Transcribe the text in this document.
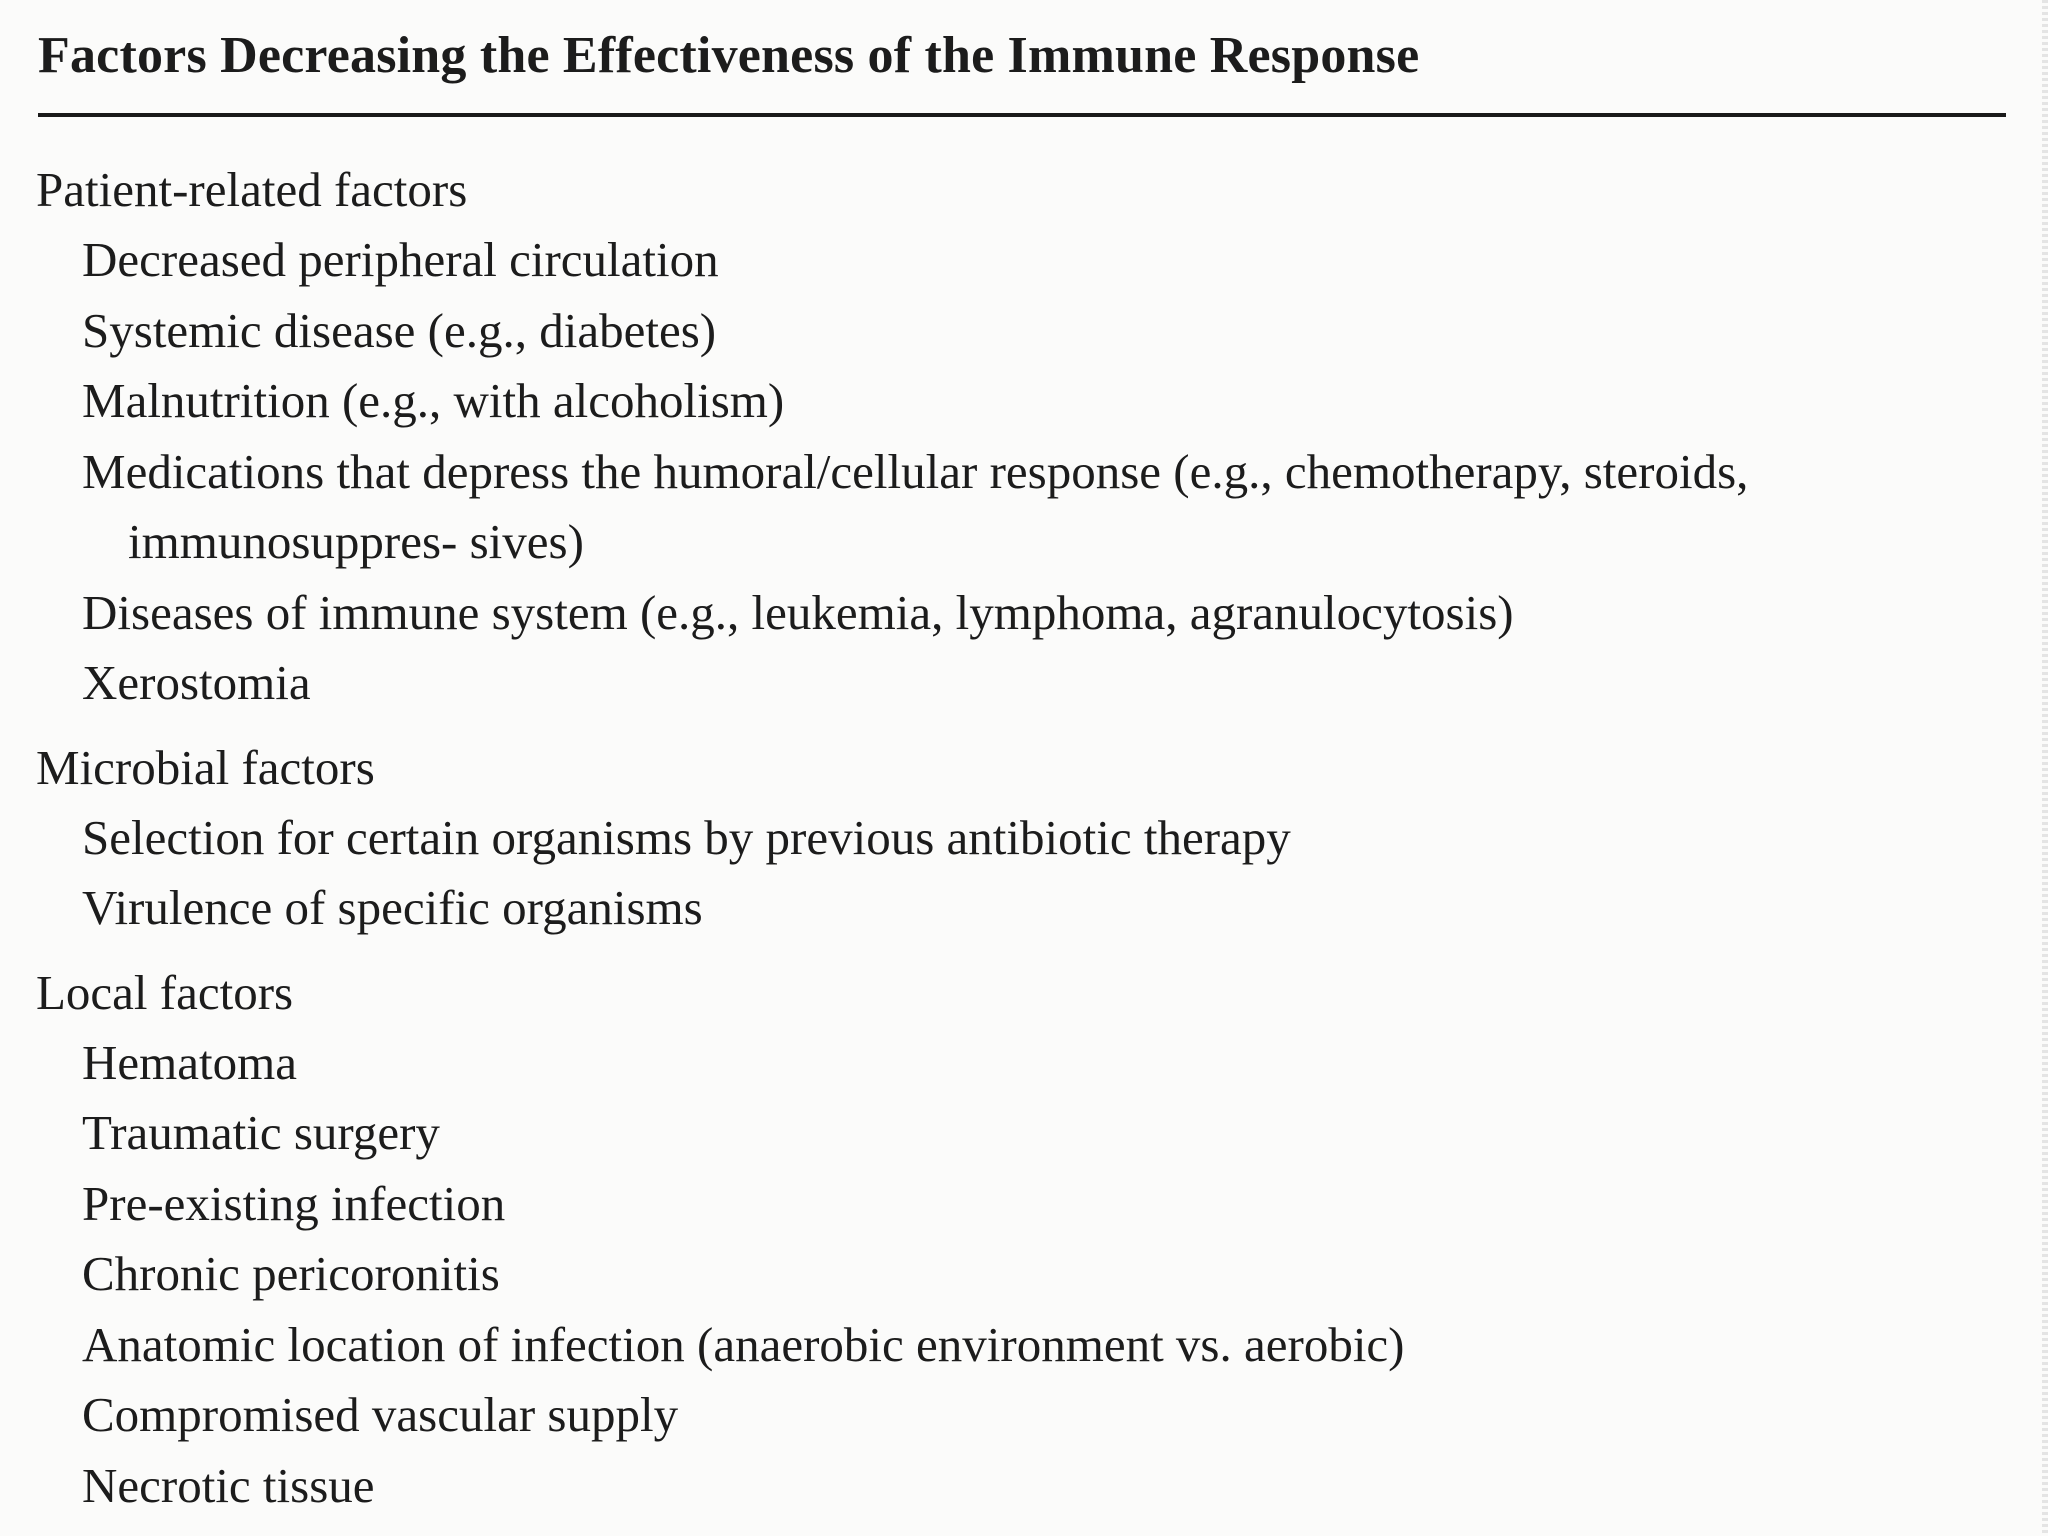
Factors Decreasing the Effectiveness of the Immune Response
Patient-related factors
Decreased peripheral circulation
Systemic disease (e.g., diabetes)
Malnutrition (e.g., with alcoholism)
Medications that depress the humoral/cellular response (e.g., chemotherapy, steroids, immunosuppres- sives)
Diseases of immune system (e.g., leukemia, lymphoma, agranulocytosis)
Xerostomia
Microbial factors
Selection for certain organisms by previous antibiotic therapy
Virulence of specific organisms
Local factors
Hematoma
Traumatic surgery
Pre-existing infection
Chronic pericoronitis
Anatomic location of infection (anaerobic environment vs. aerobic)
Compromised vascular supply
Necrotic tissue
